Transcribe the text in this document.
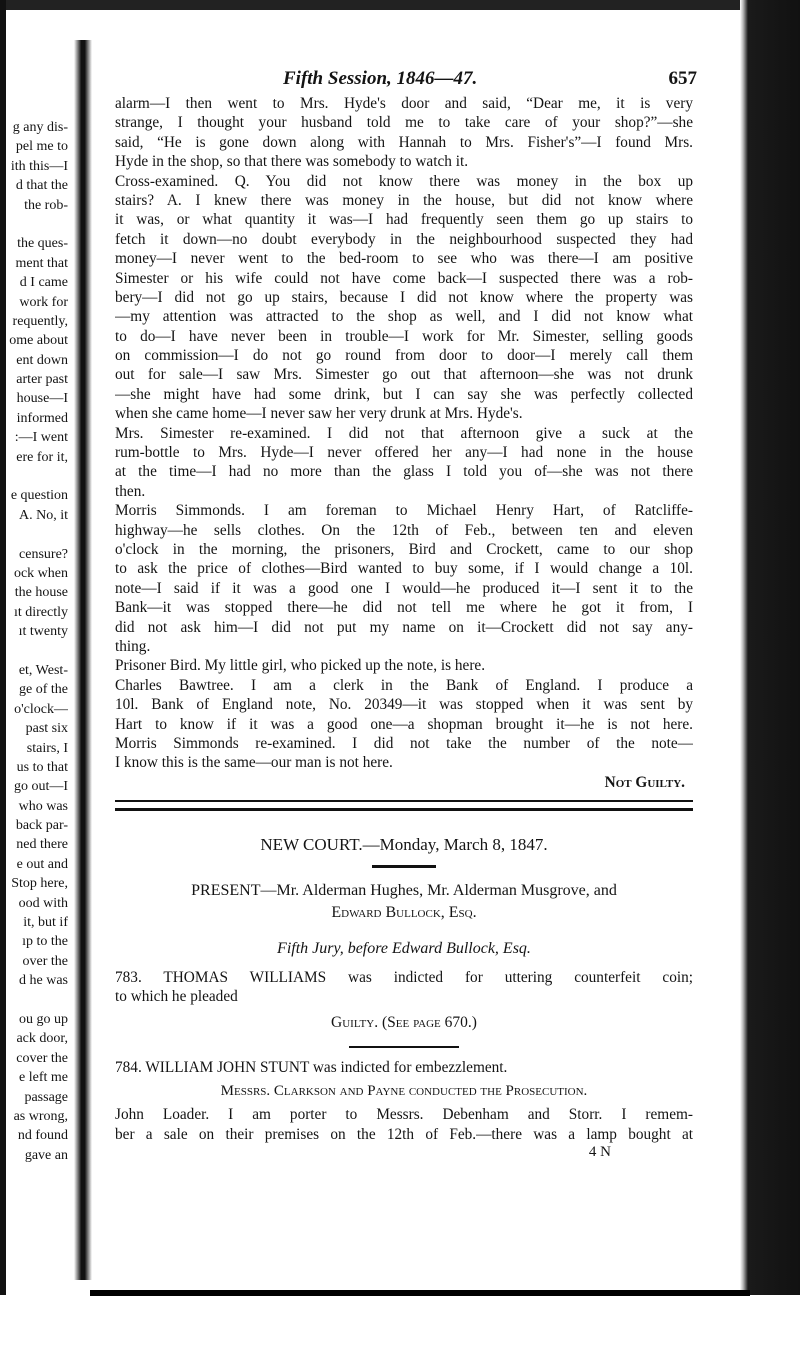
g any dis-
pel me to
ith this—I
d that the
the rob-
the ques-
ment that
d I came
work for
requently,
ome about
ent down
arter past
house—I
informed
:—I went
ere for it,
e question
A. No, it
censure?
ock when
the house
ıt directly
ıt twenty
et, West-
ge of the
o'clock—
past six
stairs, I
us to that
go out—I
who was
back par-
ned there
e out and
Stop here,
ood with
it, but if
ıp to the
over the
d he was
ou go up
ack door,
cover the
e left me
passage
as wrong,
nd found
gave an
Fifth Session, 1846—47.	657
alarm—I then went to Mrs. Hyde's door and said, “Dear me, it is very
strange, I thought your husband told me to take care of your shop?”—she
said, “He is gone down along with Hannah to Mrs. Fisher's”—I found Mrs.
Hyde in the shop, so that there was somebody to watch it.
Cross-examined. Q. You did not know there was money in the box up
stairs? A. I knew there was money in the house, but did not know where
it was, or what quantity it was—I had frequently seen them go up stairs to
fetch it down—no doubt everybody in the neighbourhood suspected they had
money—I never went to the bed-room to see who was there—I am positive
Simester or his wife could not have come back—I suspected there was a rob-
bery—I did not go up stairs, because I did not know where the property was
—my attention was attracted to the shop as well, and I did not know what
to do—I have never been in trouble—I work for Mr. Simester, selling goods
on commission—I do not go round from door to door—I merely call them
out for sale—I saw Mrs. Simester go out that afternoon—she was not drunk
—she might have had some drink, but I can say she was perfectly collected
when she came home—I never saw her very drunk at Mrs. Hyde's.
Mrs. Simester re-examined. I did not that afternoon give a suck at the
rum-bottle to Mrs. Hyde—I never offered her any—I had none in the house
at the time—I had no more than the glass I told you of—she was not there
then.
Morris Simmonds. I am foreman to Michael Henry Hart, of Ratcliffe-
highway—he sells clothes. On the 12th of Feb., between ten and eleven
o'clock in the morning, the prisoners, Bird and Crockett, came to our shop
to ask the price of clothes—Bird wanted to buy some, if I would change a 10l.
note—I said if it was a good one I would—he produced it—I sent it to the
Bank—it was stopped there—he did not tell me where he got it from, I
did not ask him—I did not put my name on it—Crockett did not say any-
thing.
Prisoner Bird. My little girl, who picked up the note, is here.
Charles Bawtree. I am a clerk in the Bank of England. I produce a
10l. Bank of England note, No. 20349—it was stopped when it was sent by
Hart to know if it was a good one—a shopman brought it—he is not here.
Morris Simmonds re-examined. I did not take the number of the note—
I know this is the same—our man is not here.
Not Guilty.
NEW COURT.—Monday, March 8, 1847.
PRESENT—Mr. Alderman Hughes, Mr. Alderman Musgrove, and
Edward Bullock, Esq.
Fifth Jury, before Edward Bullock, Esq.
783. THOMAS WILLIAMS was indicted for uttering counterfeit coin;
to which he pleaded
Guilty. (See page 670.)
784. WILLIAM JOHN STUNT was indicted for embezzlement.
Messrs. Clarkson and Payne conducted the Prosecution.
John Loader. I am porter to Messrs. Debenham and Storr. I remem-
ber a sale on their premises on the 12th of Feb.—there was a lamp bought at
4 N
